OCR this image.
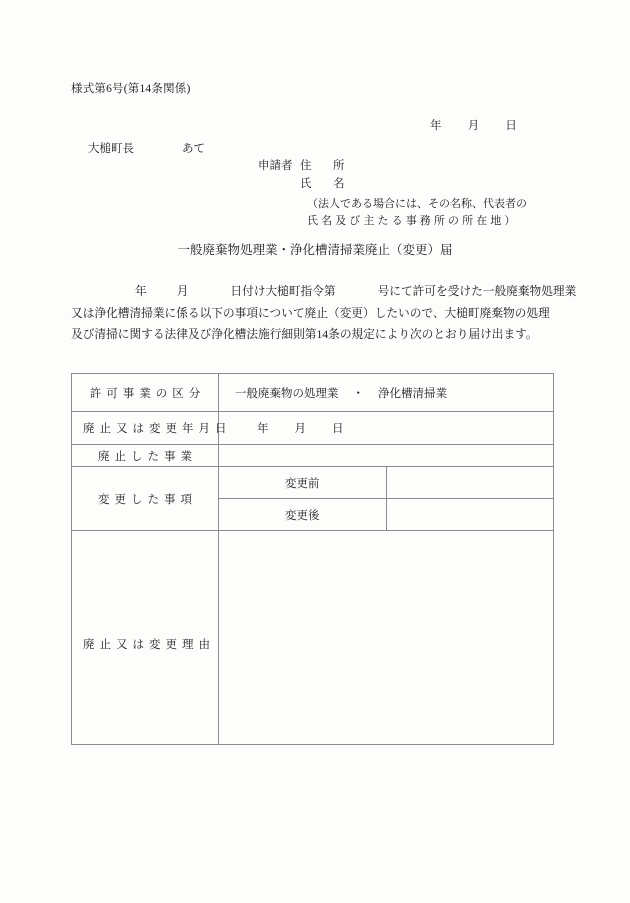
様式第6号(第14条関係)
年 月 日
大槌町長	あて
申請者 住　所
氏　名
（法人である場合には、その名称、代表者の
氏名及び主たる事務所の所在地）
一般廃棄物処理業・浄化槽清掃業廃止（変更）届
年	月	日付け大槌町指令第	号にて許可を受けた一般廃棄物処理業
又は浄化槽清掃業に係る以下の事項について廃止（変更）したいので、大槌町廃棄物の処理
及び清掃に関する法律及び浄化槽法施行細則第14条の規定により次のとおり届け出ます。
許可事業の区分	一般廃棄物の処理業 ・ 浄化槽清掃業	

廃止又は変更年月日	年 月 日	

廃止した事業		

変更した事項	変更前	
	変更後	

廃止又は変更理由		
